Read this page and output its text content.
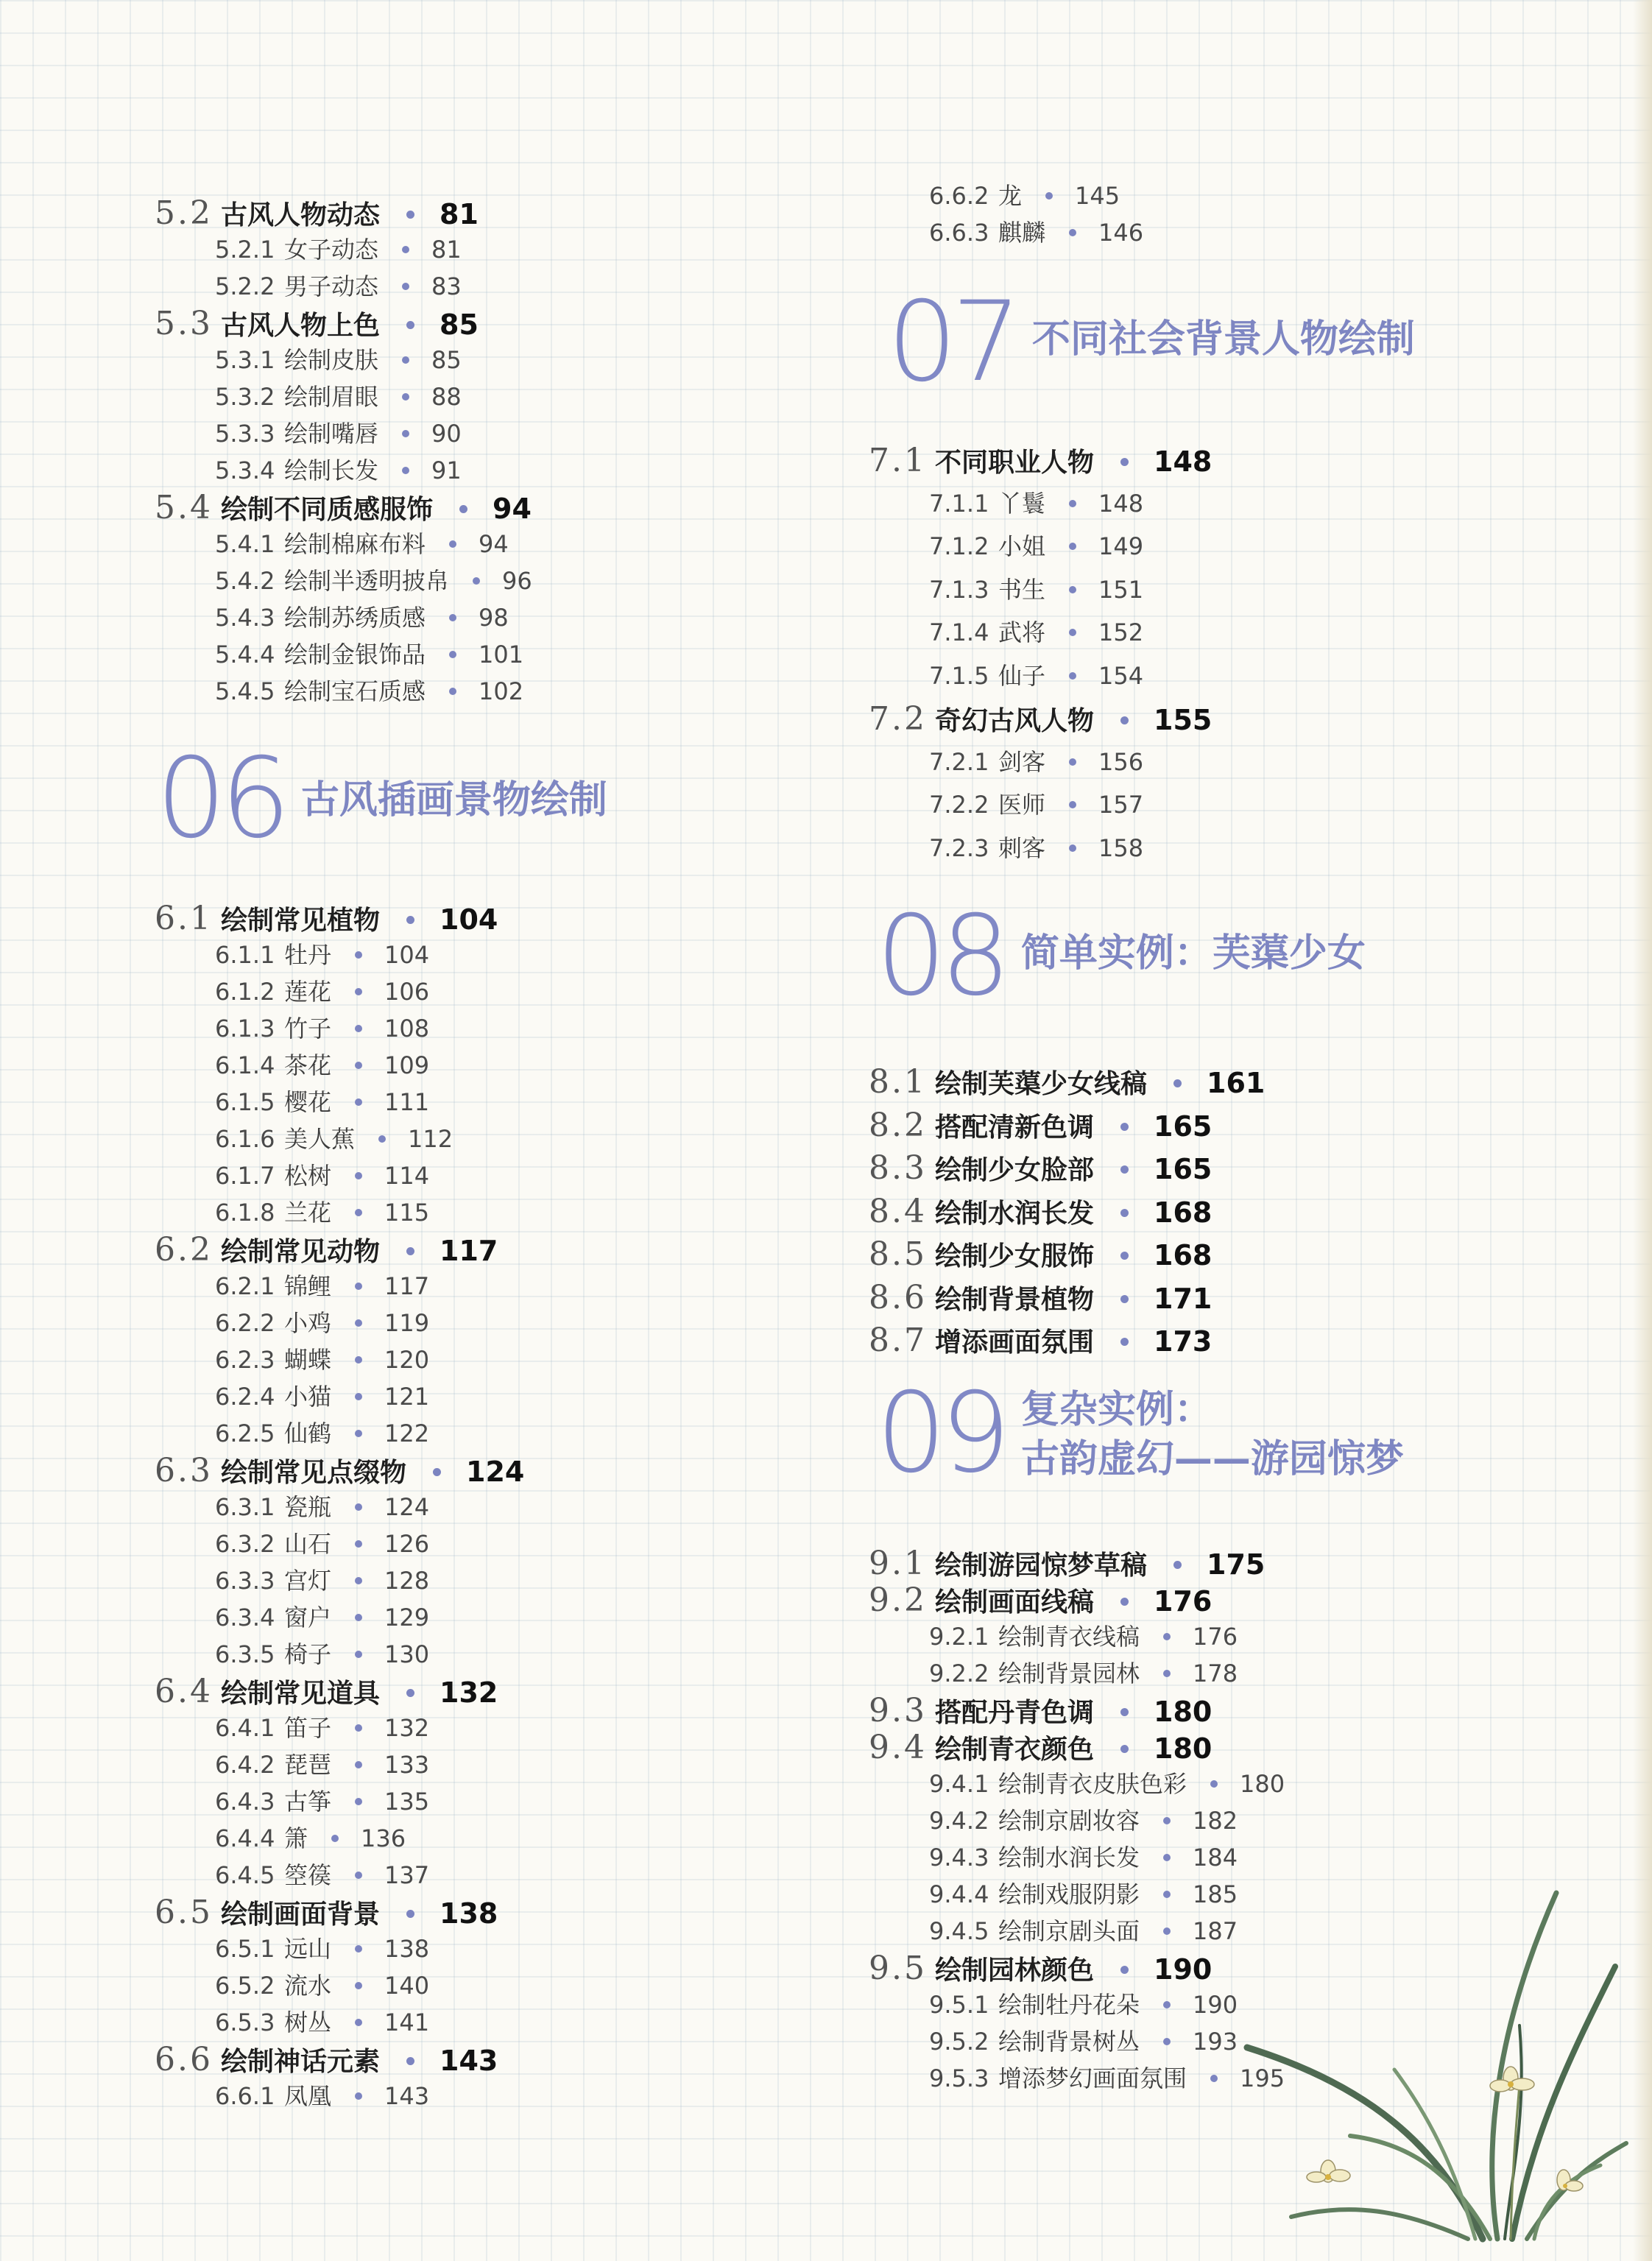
5.2 古风人物动态 81
5.2.1 女子动态 81
5.2.2 男子动态 83
5.3 古风人物上色 85
5.3.1 绘制皮肤 85
5.3.2 绘制眉眼 88
5.3.3 绘制嘴唇 90
5.3.4 绘制长发 91
5.4 绘制不同质感服饰 94
5.4.1 绘制棉麻布料 94
5.4.2 绘制半透明披帛 96
5.4.3 绘制苏绣质感 98
5.4.4 绘制金银饰品 101
5.4.5 绘制宝石质感 102
06 古风插画景物绘制
6.1 绘制常见植物 104
6.1.1 牡丹 104
6.1.2 莲花 106
6.1.3 竹子 108
6.1.4 茶花 109
6.1.5 樱花 111
6.1.6 美人蕉 112
6.1.7 松树 114
6.1.8 兰花 115
6.2 绘制常见动物 117
6.2.1 锦鲤 117
6.2.2 小鸡 119
6.2.3 蝴蝶 120
6.2.4 小猫 121
6.2.5 仙鹤 122
6.3 绘制常见点缀物 124
6.3.1 瓷瓶 124
6.3.2 山石 126
6.3.3 宫灯 128
6.3.4 窗户 129
6.3.5 椅子 130
6.4 绘制常见道具 132
6.4.1 笛子 132
6.4.2 琵琶 133
6.4.3 古筝 135
6.4.4 箫 136
6.4.5 箜篌 137
6.5 绘制画面背景 138
6.5.1 远山 138
6.5.2 流水 140
6.5.3 树丛 141
6.6 绘制神话元素 143
6.6.1 凤凰 143
6.6.2 龙 145
6.6.3 麒麟 146
07 不同社会背景人物绘制
7.1 不同职业人物 148
7.1.1 丫鬟 148
7.1.2 小姐 149
7.1.3 书生 151
7.1.4 武将 152
7.1.5 仙子 154
7.2 奇幻古风人物 155
7.2.1 剑客 156
7.2.2 医师 157
7.2.3 刺客 158
08 简单实例：芙蕖少女
8.1 绘制芙蕖少女线稿 161
8.2 搭配清新色调 165
8.3 绘制少女脸部 165
8.4 绘制水润长发 168
8.5 绘制少女服饰 168
8.6 绘制背景植物 171
8.7 增添画面氛围 173
09 复杂实例：
古韵虚幻——游园惊梦
9.1 绘制游园惊梦草稿 175
9.2 绘制画面线稿 176
9.2.1 绘制青衣线稿 176
9.2.2 绘制背景园林 178
9.3 搭配丹青色调 180
9.4 绘制青衣颜色 180
9.4.1 绘制青衣皮肤色彩 180
9.4.2 绘制京剧妆容 182
9.4.3 绘制水润长发 184
9.4.4 绘制戏服阴影 185
9.4.5 绘制京剧头面 187
9.5 绘制园林颜色 190
9.5.1 绘制牡丹花朵 190
9.5.2 绘制背景树丛 193
9.5.3 增添梦幻画面氛围 195
